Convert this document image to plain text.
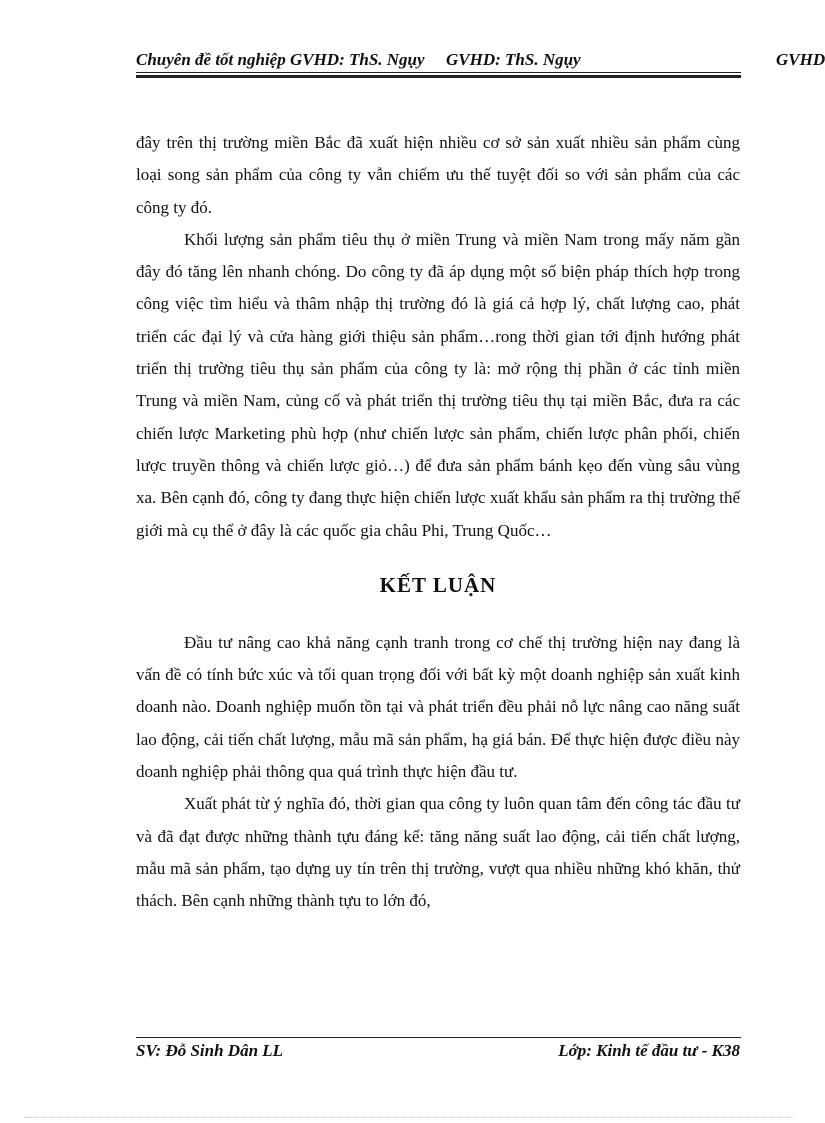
Chuyên đề tốt nghiệp GVHD: ThS. Ngụy GVHD: ThS. Ngụy	GVHD

đây trên thị trường miền Bắc đã xuất hiện nhiều cơ sở sản xuất nhiều sản phẩm cùng loại song sản phẩm của công ty vẫn chiếm ưu thế tuyệt đối so với sản phẩm của các công ty đó.

Khối lượng sản phẩm tiêu thụ ở miền Trung và miền Nam trong mấy năm gần đây đó tăng lên nhanh chóng. Do công ty đã áp dụng một số biện pháp thích hợp trong công việc tìm hiểu và thâm nhập thị trường đó là giá cả hợp lý, chất lượng cao, phát triển các đại lý và cửa hàng giới thiệu sản phẩm…rong thời gian tới định hướng phát triển thị trường tiêu thụ sản phẩm của công ty là: mở rộng thị phần ở các tỉnh miền Trung và miền Nam, củng cố và phát triển thị trường tiêu thụ tại miền Bắc, đưa ra các chiến lược Marketing phù hợp (như chiến lược sản phẩm, chiến lược phân phối, chiến lược truyền thông và chiến lược giỏ…) để đưa sản phẩm bánh kẹo đến vùng sâu vùng xa. Bên cạnh đó, công ty đang thực hiện chiến lược xuất khẩu sản phẩm ra thị trường thế giới mà cụ thể ở đây là các quốc gia châu Phi, Trung Quốc…

KẾT LUẬN

Đầu tư nâng cao khả năng cạnh tranh trong cơ chế thị trường hiện nay đang là vấn đề có tính bức xúc và tối quan trọng đối với bất kỳ một doanh nghiệp sản xuất kinh doanh nào. Doanh nghiệp muốn tồn tại và phát triển đều phải nỗ lực nâng cao năng suất lao động, cải tiến chất lượng, mẫu mã sản phẩm, hạ giá bán. Để thực hiện được điều này doanh nghiệp phải thông qua quá trình thực hiện đầu tư.

Xuất phát từ ý nghĩa đó, thời gian qua công ty luôn quan tâm đến công tác đầu tư và đã đạt được những thành tựu đáng kể: tăng năng suất lao động, cải tiến chất lượng, mẫu mã sản phẩm, tạo dựng uy tín trên thị trường, vượt qua nhiều những khó khăn, thử thách. Bên cạnh những thành tựu to lớn đó,

SV: Đỗ Sinh Dân LL	Lớp: Kinh tế đầu tư - K38
